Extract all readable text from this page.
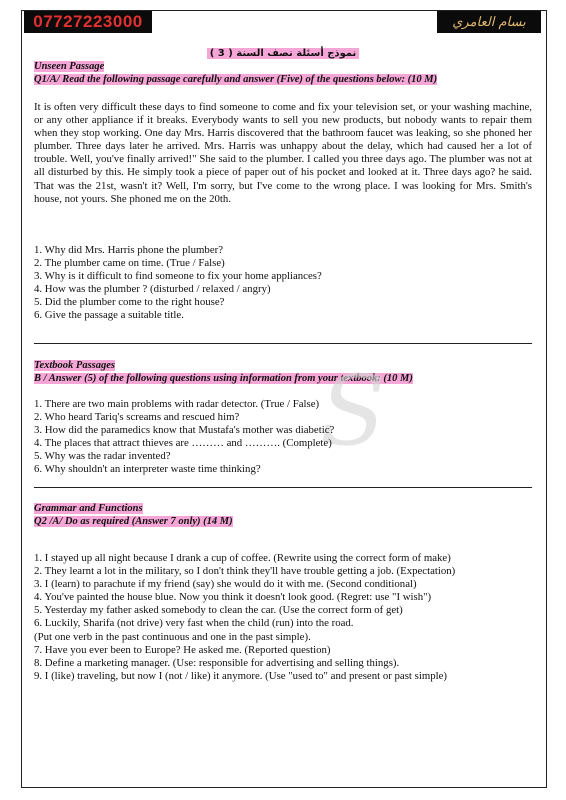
07727223000	بسام العامري
نموذج أسئلة نصف السنة ( 3 )
Unseen Passage
Q1/A/ Read the following passage carefully and answer (Five) of the questions below: (10 M)
It is often very difficult these days to find someone to come and fix your television set, or your washing machine, or any other appliance if it breaks. Everybody wants to sell you new products, but nobody wants to repair them when they stop working. One day Mrs. Harris discovered that the bathroom faucet was leaking, so she phoned her plumber. Three days later he arrived. Mrs. Harris was unhappy about the delay, which had caused her a lot of trouble. Well, you've finally arrived!" She said to the plumber. I called you three days ago. The plumber was not at all disturbed by this. He simply took a piece of paper out of his pocket and looked at it. Three days ago? he said. That was the 21st, wasn't it? Well, I'm sorry, but I've come to the wrong place. I was looking for Mrs. Smith's house, not yours. She phoned me on the 20th.
1. Why did Mrs. Harris phone the plumber?
2. The plumber came on time. (True / False)
3. Why is it difficult to find someone to fix your home appliances?
4. How was the plumber ? (disturbed / relaxed / angry)
5. Did the plumber come to the right house?
6. Give the passage a suitable title.
Textbook Passages
B / Answer (5) of the following questions using information from your textbook: (10 M)
S
1. There are two main problems with radar detector. (True / False)
2. Who heard Tariq's screams and rescued him?
3. How did the paramedics know that Mustafa's mother was diabetic?
4. The places that attract thieves are ……… and ………. (Complete)
5. Why was the radar invented?
6. Why shouldn't an interpreter waste time thinking?
Grammar and Functions
Q2 /A/ Do as required (Answer 7 only) (14 M)
1. I stayed up all night because I drank a cup of coffee. (Rewrite using the correct form of make)
2. They learnt a lot in the military, so I don't think they'll have trouble getting a job. (Expectation)
3. I (learn) to parachute if my friend (say) she would do it with me. (Second conditional)
4. You've painted the house blue. Now you think it doesn't look good. (Regret: use "I wish")
5. Yesterday my father asked somebody to clean the car. (Use the correct form of get)
6. Luckily, Sharifa (not drive) very fast when the child (run) into the road.
(Put one verb in the past continuous and one in the past simple).
7. Have you ever been to Europe? He asked me. (Reported question)
8. Define a marketing manager. (Use: responsible for advertising and selling things).
9. I (like) traveling, but now I (not / like) it anymore. (Use "used to" and present or past simple)
